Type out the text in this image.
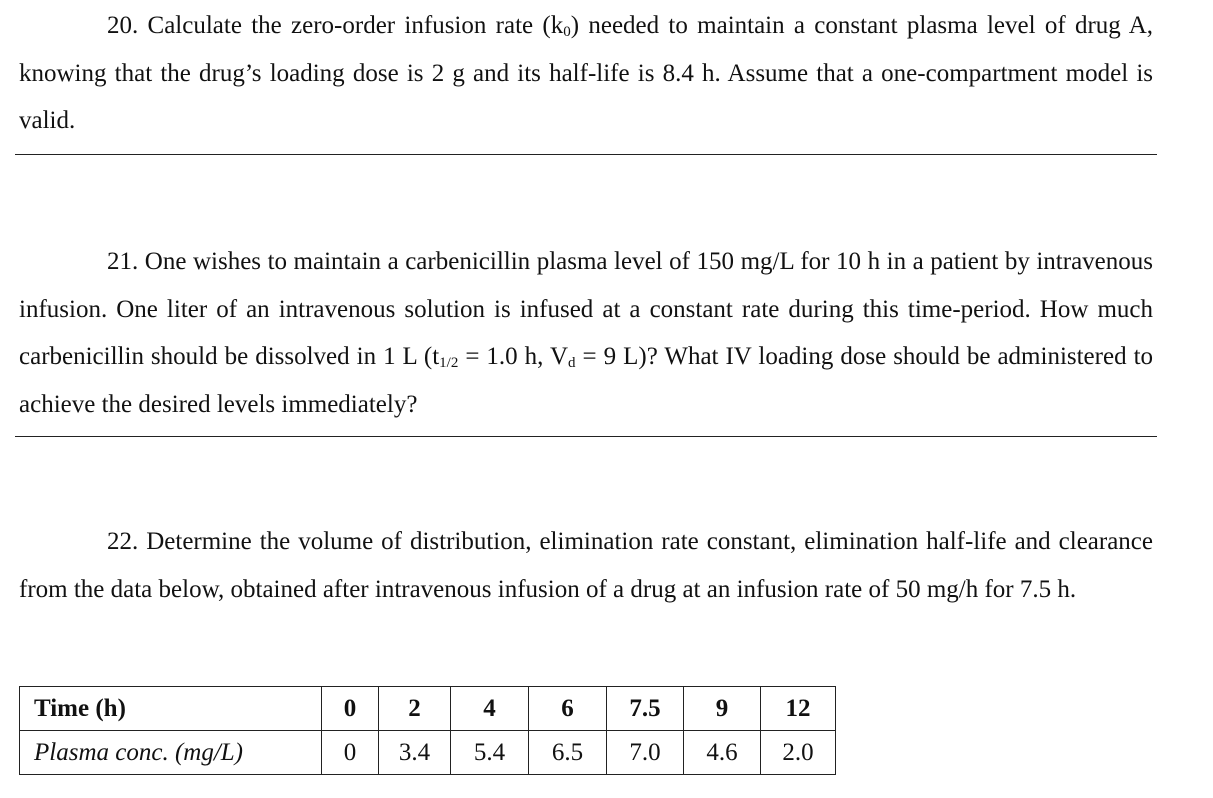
20. Calculate the zero-order infusion rate $(k_0)$ needed to maintain a constant plasma level of drug A, knowing that the drug’s loading dose is 2 g and its half-life is 8.4 h. Assume that a one-compartment model is valid.
21. One wishes to maintain a carbenicillin plasma level of 150 mg/L for 10 h in a patient by intravenous infusion. One liter of an intravenous solution is infused at a constant rate during this time-period. How much carbenicillin should be dissolved in 1 L ($t_{1/2} = 1.0$ h, $V_d = 9$ L)? What IV loading dose should be administered to achieve the desired levels immediately?
22. Determine the volume of distribution, elimination rate constant, elimination half-life and clearance from the data below, obtained after intravenous infusion of a drug at an infusion rate of 50 mg/h for 7.5 h.
Time (h)	0	2	4	6	7.5	9	12
Plasma conc. (mg/L)	0	3.4	5.4	6.5	7.0	4.6	2.0
